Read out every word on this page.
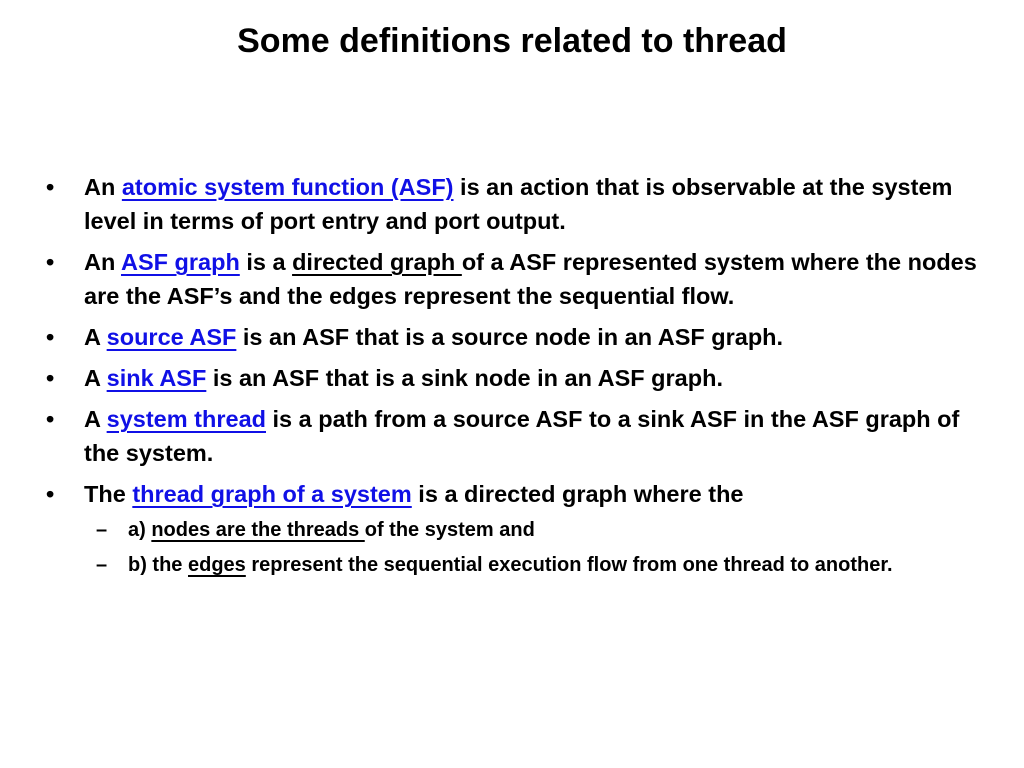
Some definitions related to thread
• An atomic system function (ASF) is an action that is observable at the system level in terms of port entry and port output.
• An ASF graph is a directed graph of a ASF represented system where the nodes are the ASF’s and the edges represent the sequential flow.
• A source ASF is an ASF that is a source node in an ASF graph.
• A sink ASF is an ASF that is a sink node in an ASF graph.
• A system thread is a path from a source ASF to a sink ASF in the ASF graph of the system.
• The thread graph of a system is a directed graph where the
– a) nodes are the threads of the system and
– b) the edges represent the sequential execution flow from one thread to another.
